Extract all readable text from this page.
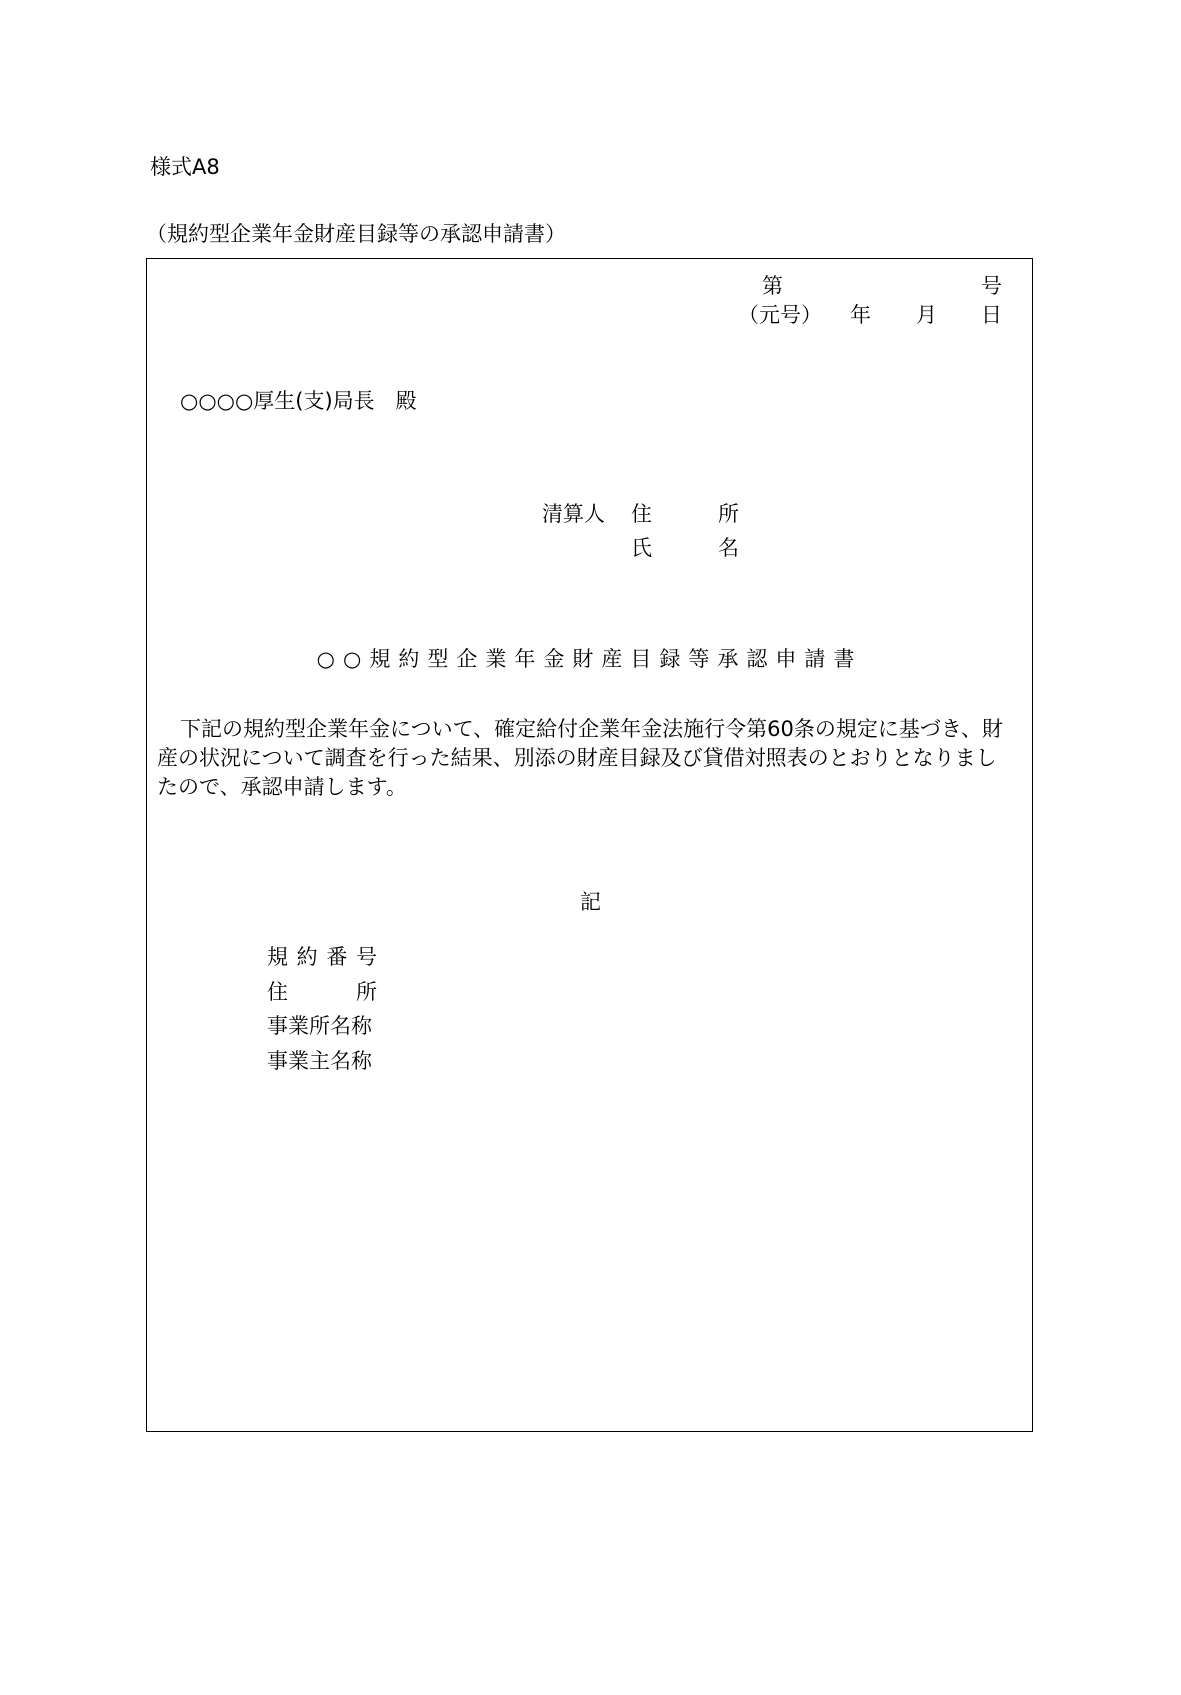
様式A8
（規約型企業年金財産目録等の承認申請書）
第	号
（元号） 年 月 日
○○○○厚生(支)局長　殿
清算人 住	所
氏	名
○○規約型企業年金財産目録等承認申請書
下記の規約型企業年金について、確定給付企業年金法施行令第60条の規定に基づき、財
産の状況について調査を行った結果、別添の財産目録及び貸借対照表のとおりとなりまし
たので、承認申請します。
記
規 約 番 号
住	所
事業所名称
事業主名称
